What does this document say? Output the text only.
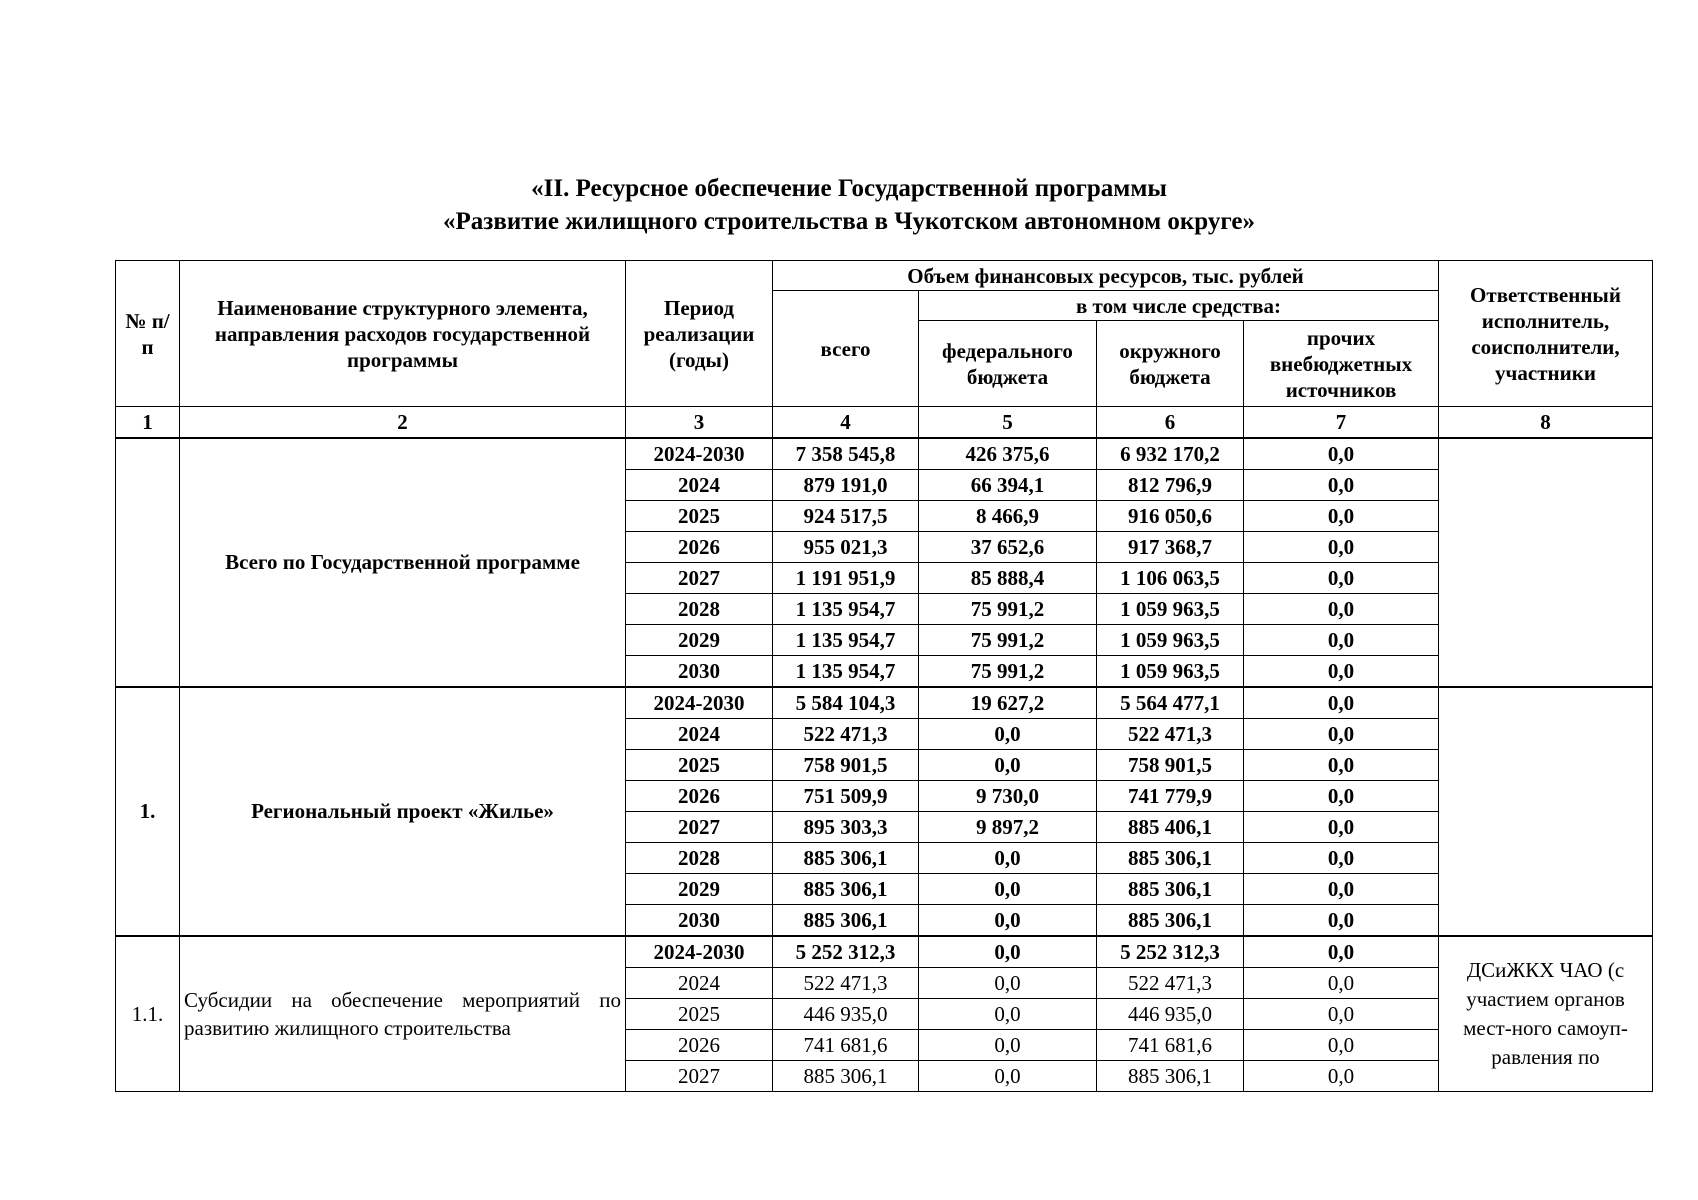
«II. Ресурсное обеспечение Государственной программы
«Развитие жилищного строительства в Чукотском автономном округе»
№ п/п	Наименование структурного элемента, направления расходов государственной программы	Период реализации (годы)	Объем финансовых ресурсов, тыс. рублей				Ответственный исполнитель, соисполнители, участники
			всего	в том числе средства:			
				федерального бюджета	окружного бюджета	прочих внебюджетных источников	
1	2	3	4	5	6	7	8
	Всего по Государственной программе	2024-2030	7 358 545,8	426 375,6	6 932 170,2	0,0	
		2024	879 191,0	66 394,1	812 796,9	0,0	
		2025	924 517,5	8 466,9	916 050,6	0,0	
		2026	955 021,3	37 652,6	917 368,7	0,0	
		2027	1 191 951,9	85 888,4	1 106 063,5	0,0	
		2028	1 135 954,7	75 991,2	1 059 963,5	0,0	
		2029	1 135 954,7	75 991,2	1 059 963,5	0,0	
		2030	1 135 954,7	75 991,2	1 059 963,5	0,0	
1.	Региональный проект «Жилье»	2024-2030	5 584 104,3	19 627,2	5 564 477,1	0,0	
		2024	522 471,3	0,0	522 471,3	0,0	
		2025	758 901,5	0,0	758 901,5	0,0	
		2026	751 509,9	9 730,0	741 779,9	0,0	
		2027	895 303,3	9 897,2	885 406,1	0,0	
		2028	885 306,1	0,0	885 306,1	0,0	
		2029	885 306,1	0,0	885 306,1	0,0	
		2030	885 306,1	0,0	885 306,1	0,0	
1.1.	Субсидии на обеспечение мероприятий по развитию жилищного строительства	2024-2030	5 252 312,3	0,0	5 252 312,3	0,0	ДСиЖКХ ЧАО (с участием органов мест-ного самоуп-равления по
		2024	522 471,3	0,0	522 471,3	0,0	
		2025	446 935,0	0,0	446 935,0	0,0	
		2026	741 681,6	0,0	741 681,6	0,0	
		2027	885 306,1	0,0	885 306,1	0,0	
